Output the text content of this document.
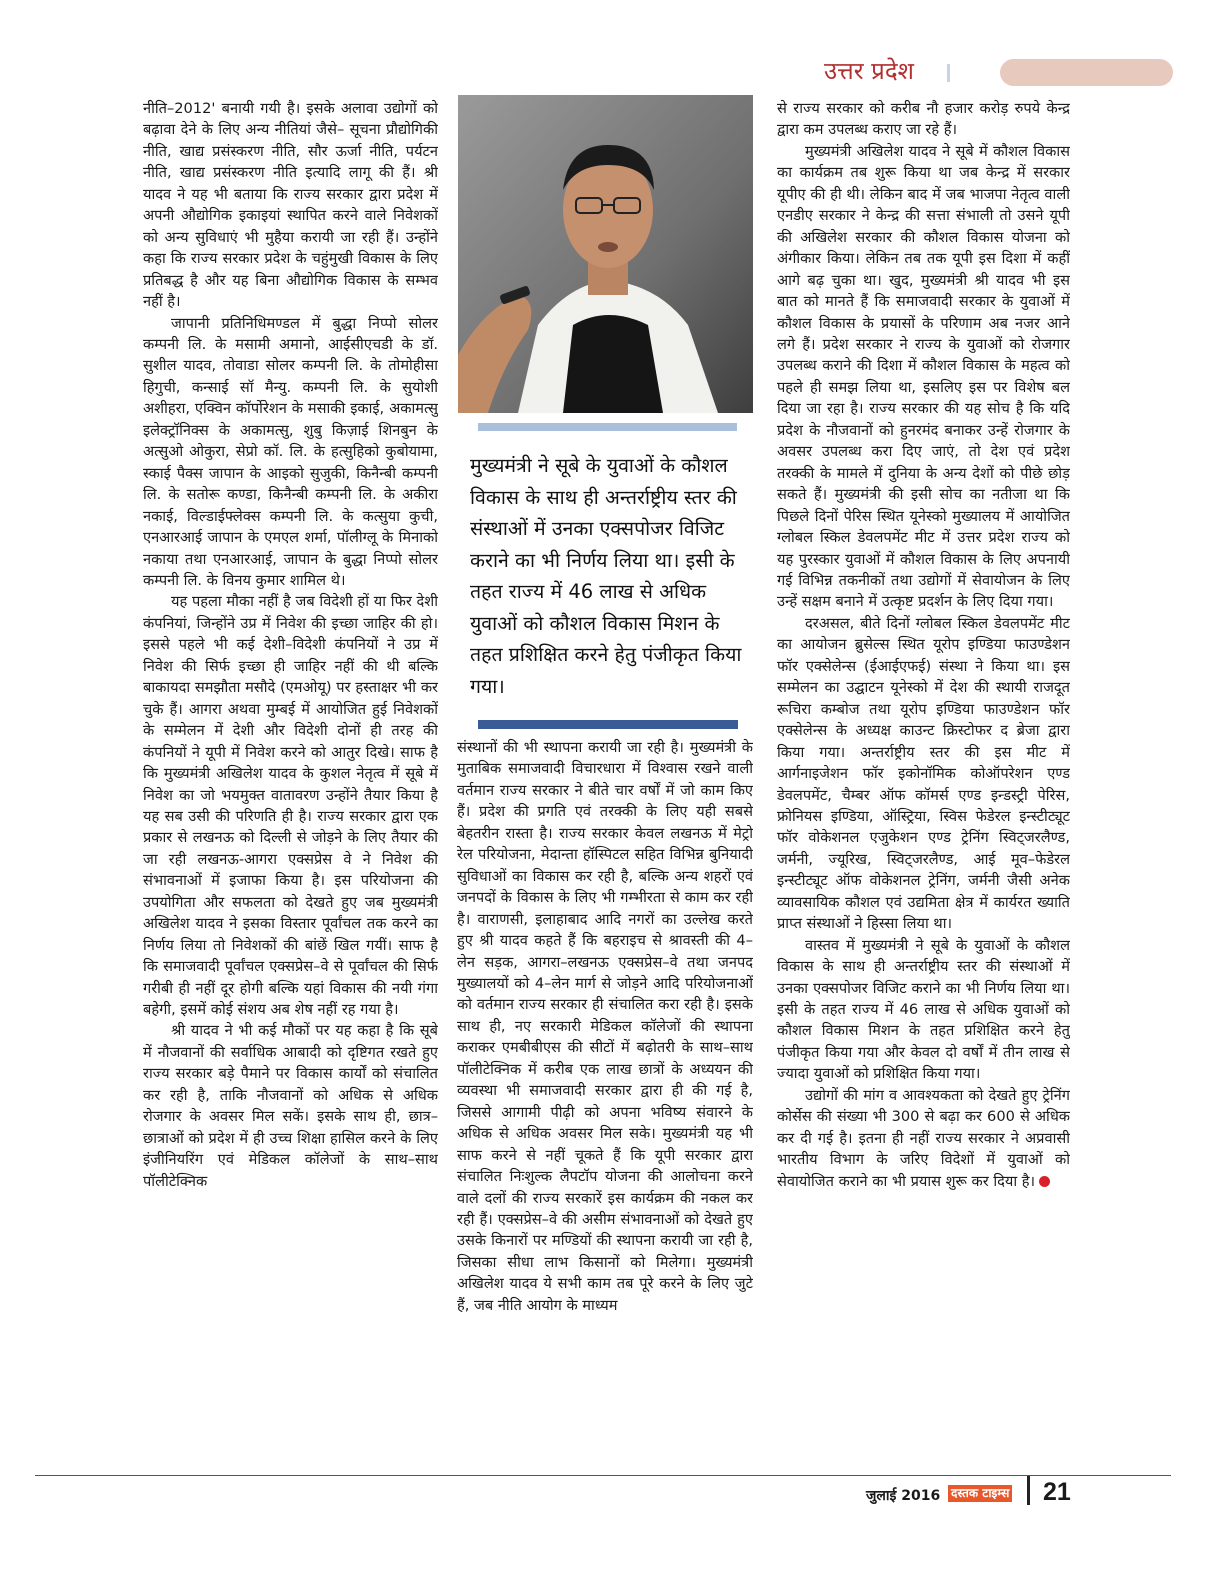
उत्तर प्रदेश

नीति–2012' बनायी गयी है। इसके अलावा उद्योगों को बढ़ावा देने के लिए अन्य नीतियां जैसे– सूचना प्रौद्योगिकी नीति, खाद्य प्रसंस्करण नीति, सौर ऊर्जा नीति, पर्यटन नीति, खाद्य प्रसंस्करण नीति इत्यादि लागू की हैं। श्री यादव ने यह भी बताया कि राज्य सरकार द्वारा प्रदेश में अपनी औद्योगिक इकाइयां स्थापित करने वाले निवेशकों को अन्य सुविधाएं भी मुहैया करायी जा रही हैं। उन्होंने कहा कि राज्य सरकार प्रदेश के चहुंमुखी विकास के लिए प्रतिबद्ध है और यह बिना औद्योगिक विकास के सम्भव नहीं है।

जापानी प्रतिनिधिमण्डल में बुद्धा निप्पो सोलर कम्पनी लि. के मसामी अमानो, आईसीएचडी के डॉ. सुशील यादव, तोवाडा सोलर कम्पनी लि. के तोमोहीसा हिगुची, कन्साई सॉ मैन्यु. कम्पनी लि. के सुयोशी अशीहरा, एक्विन कॉर्पोरेशन के मसाकी इकाई, अकामत्सु इलेक्ट्रॉनिक्स के अकामत्सु, शुबु किज़ाई शिनबुन के अत्सुओ ओकुरा, सेप्रो कॉ. लि. के हत्सुहिको कुबोयामा, स्काई पैक्स जापान के आइको सुजुकी, किनैन्बी कम्पनी लि. के सतोरू कण्डा, किनैन्बी कम्पनी लि. के अकीरा नकाई, विल्डाईफ्लेक्स कम्पनी लि. के कत्सुया कुची, एनआरआई जापान के एमएल शर्मा, पॉलीग्लू के मिनाको नकाया तथा एनआरआई, जापान के बुद्धा निप्पो सोलर कम्पनी लि. के विनय कुमार शामिल थे।

यह पहला मौका नहीं है जब विदेशी हों या फिर देशी कंपनियां, जिन्होंने उप्र में निवेश की इच्छा जाहिर की हो। इससे पहले भी कई देशी–विदेशी कंपनियों ने उप्र में निवेश की सिर्फ इच्छा ही जाहिर नहीं की थी बल्कि बाकायदा समझौता मसौदे (एमओयू) पर हस्ताक्षर भी कर चुके हैं। आगरा अथवा मुम्बई में आयोजित हुई निवेशकों के सम्मेलन में देशी और विदेशी दोनों ही तरह की कंपनियों ने यूपी में निवेश करने को आतुर दिखे। साफ है कि मुख्यमंत्री अखिलेश यादव के कुशल नेतृत्व में सूबे में निवेश का जो भयमुक्त वातावरण उन्होंने तैयार किया है यह सब उसी की परिणति ही है। राज्य सरकार द्वारा एक प्रकार से लखनऊ को दिल्ली से जोड़ने के लिए तैयार की जा रही लखनऊ-आगरा एक्सप्रेस वे ने निवेश की संभावनाओं में इजाफा किया है। इस परियोजना की उपयोगिता और सफलता को देखते हुए जब मुख्यमंत्री अखिलेश यादव ने इसका विस्तार पूर्वांचल तक करने का निर्णय लिया तो निवेशकों की बांछें खिल गयीं। साफ है कि समाजवादी पूर्वांचल एक्सप्रेस–वे से पूर्वांचल की सिर्फ गरीबी ही नहीं दूर होगी बल्कि यहां विकास की नयी गंगा बहेगी, इसमें कोई संशय अब शेष नहीं रह गया है।

श्री यादव ने भी कई मौकों पर यह कहा है कि सूबे में नौजवानों की सर्वाधिक आबादी को दृष्टिगत रखते हुए राज्य सरकार बड़े पैमाने पर विकास कार्यों को संचालित कर रही है, ताकि नौजवानों को अधिक से अधिक रोजगार के अवसर मिल सकें। इसके साथ ही, छात्र–छात्राओं को प्रदेश में ही उच्च शिक्षा हासिल करने के लिए इंजीनियरिंग एवं मेडिकल कॉलेजों के साथ–साथ पॉलीटेक्निक

मुख्यमंत्री ने सूबे के युवाओं के कौशल विकास के साथ ही अन्तर्राष्ट्रीय स्तर की संस्थाओं में उनका एक्सपोजर विजिट कराने का भी निर्णय लिया था। इसी के तहत राज्य में 46 लाख से अधिक युवाओं को कौशल विकास मिशन के तहत प्रशिक्षित करने हेतु पंजीकृत किया गया।

संस्थानों की भी स्थापना करायी जा रही है। मुख्यमंत्री के मुताबिक समाजवादी विचारधारा में विश्वास रखने वाली वर्तमान राज्य सरकार ने बीते चार वर्षों में जो काम किए हैं। प्रदेश की प्रगति एवं तरक्की के लिए यही सबसे बेहतरीन रास्ता है। राज्य सरकार केवल लखनऊ में मेट्रो रेल परियोजना, मेदान्ता हॉस्पिटल सहित विभिन्न बुनियादी सुविधाओं का विकास कर रही है, बल्कि अन्य शहरों एवं जनपदों के विकास के लिए भी गम्भीरता से काम कर रही है। वाराणसी, इलाहाबाद आदि नगरों का उल्लेख करते हुए श्री यादव कहते हैं कि बहराइच से श्रावस्ती की 4–लेन सड़क, आगरा–लखनऊ एक्सप्रेस–वे तथा जनपद मुख्यालयों को 4–लेन मार्ग से जोड़ने आदि परियोजनाओं को वर्तमान राज्य सरकार ही संचालित करा रही है। इसके साथ ही, नए सरकारी मेडिकल कॉलेजों की स्थापना कराकर एमबीबीएस की सीटों में बढ़ोतरी के साथ–साथ पॉलीटेक्निक में करीब एक लाख छात्रों के अध्ययन की व्यवस्था भी समाजवादी सरकार द्वारा ही की गई है, जिससे आगामी पीढ़ी को अपना भविष्य संवारने के अधिक से अधिक अवसर मिल सके। मुख्यमंत्री यह भी साफ करने से नहीं चूकते हैं कि यूपी सरकार द्वारा संचालित निःशुल्क लैपटॉप योजना की आलोचना करने वाले दलों की राज्य सरकारें इस कार्यक्रम की नकल कर रही हैं। एक्सप्रेस–वे की असीम संभावनाओं को देखते हुए उसके किनारों पर मण्डियों की स्थापना करायी जा रही है, जिसका सीधा लाभ किसानों को मिलेगा। मुख्यमंत्री अखिलेश यादव ये सभी काम तब पूरे करने के लिए जुटे हैं, जब नीति आयोग के माध्यम

से राज्य सरकार को करीब नौ हजार करोड़ रुपये केन्द्र द्वारा कम उपलब्ध कराए जा रहे हैं।

मुख्यमंत्री अखिलेश यादव ने सूबे में कौशल विकास का कार्यक्रम तब शुरू किया था जब केन्द्र में सरकार यूपीए की ही थी। लेकिन बाद में जब भाजपा नेतृत्व वाली एनडीए सरकार ने केन्द्र की सत्ता संभाली तो उसने यूपी की अखिलेश सरकार की कौशल विकास योजना को अंगीकार किया। लेकिन तब तक यूपी इस दिशा में कहीं आगे बढ़ चुका था। खुद, मुख्यमंत्री श्री यादव भी इस बात को मानते हैं कि समाजवादी सरकार के युवाओं में कौशल विकास के प्रयासों के परिणाम अब नजर आने लगे हैं। प्रदेश सरकार ने राज्य के युवाओं को रोजगार उपलब्ध कराने की दिशा में कौशल विकास के महत्व को पहले ही समझ लिया था, इसलिए इस पर विशेष बल दिया जा रहा है। राज्य सरकार की यह सोच है कि यदि प्रदेश के नौजवानों को हुनरमंद बनाकर उन्हें रोजगार के अवसर उपलब्ध करा दिए जाएं, तो देश एवं प्रदेश तरक्की के मामले में दुनिया के अन्य देशों को पीछे छोड़ सकते हैं। मुख्यमंत्री की इसी सोच का नतीजा था कि पिछले दिनों पेरिस स्थित यूनेस्को मुख्यालय में आयोजित ग्लोबल स्किल डेवलपमेंट मीट में उत्तर प्रदेश राज्य को यह पुरस्कार युवाओं में कौशल विकास के लिए अपनायी गई विभिन्न तकनीकों तथा उद्योगों में सेवायोजन के लिए उन्हें सक्षम बनाने में उत्कृष्ट प्रदर्शन के लिए दिया गया।

दरअसल, बीते दिनों ग्लोबल स्किल डेवलपमेंट मीट का आयोजन ब्रुसेल्स स्थित यूरोप इण्डिया फाउण्डेशन फॉर एक्सेलेन्स (ईआईएफई) संस्था ने किया था। इस सम्मेलन का उद्घाटन यूनेस्को में देश की स्थायी राजदूत रूचिरा कम्बोज तथा यूरोप इण्डिया फाउण्डेशन फॉर एक्सेलेन्स के अध्यक्ष काउन्ट क्रिस्टोफर द ब्रेजा द्वारा किया गया। अन्तर्राष्ट्रीय स्तर की इस मीट में आर्गनाइजेशन फॉर इकोनॉमिक कोऑपरेशन एण्ड डेवलपमेंट, चैम्बर ऑफ कॉमर्स एण्ड इन्डस्ट्री पेरिस, फ्रोनियस इण्डिया, ऑस्ट्रिया, स्विस फेडेरल इन्स्टीट्यूट फॉर वोकेशनल एजुकेशन एण्ड ट्रेनिंग स्विट्जरलैण्ड, जर्मनी, ज्यूरिख, स्विट्जरलैण्ड, आई मूव–फेडेरल इन्स्टीट्यूट ऑफ वोकेशनल ट्रेनिंग, जर्मनी जैसी अनेक व्यावसायिक कौशल एवं उद्यमिता क्षेत्र में कार्यरत ख्याति प्राप्त संस्थाओं ने हिस्सा लिया था।

वास्तव में मुख्यमंत्री ने सूबे के युवाओं के कौशल विकास के साथ ही अन्तर्राष्ट्रीय स्तर की संस्थाओं में उनका एक्सपोजर विजिट कराने का भी निर्णय लिया था। इसी के तहत राज्य में 46 लाख से अधिक युवाओं को कौशल विकास मिशन के तहत प्रशिक्षित करने हेतु पंजीकृत किया गया और केवल दो वर्षों में तीन लाख से ज्यादा युवाओं को प्रशिक्षित किया गया।

उद्योगों की मांग व आवश्यकता को देखते हुए ट्रेनिंग कोर्सेस की संख्या भी 300 से बढ़ा कर 600 से अधिक कर दी गई है। इतना ही नहीं राज्य सरकार ने अप्रवासी भारतीय विभाग के जरिए विदेशों में युवाओं को सेवायोजित कराने का भी प्रयास शुरू कर दिया है।

जुलाई 2016 दस्तक टाइम्स 21
